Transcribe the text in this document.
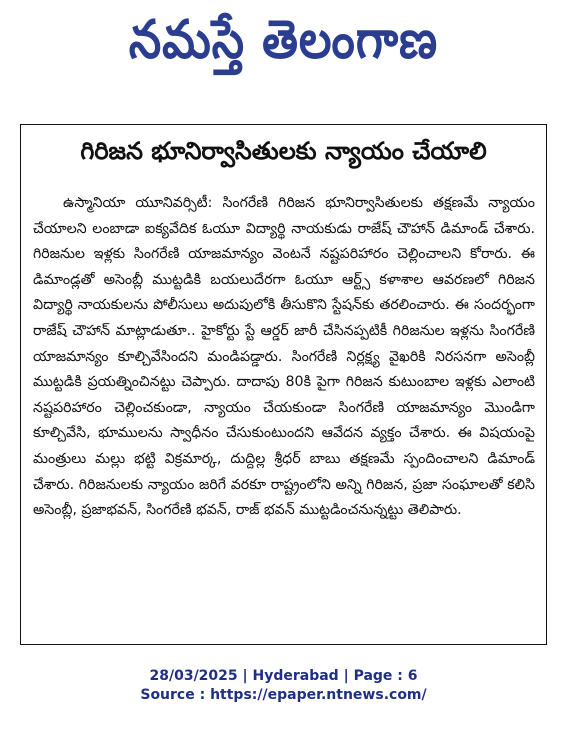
నమస్తే తెలంగాణ
గిరిజన భూనిర్వాసితులకు న్యాయం చేయాలి

ఉస్మానియా యూనివర్సిటీ: సింగరేణి గిరిజన భూనిర్వాసితులకు తక్షణమే న్యాయం చేయాలని లంబాడా ఐక్యవేదిక ఓయూ విద్యార్థి నాయకుడు రాజేష్ చౌహాన్ డిమాండ్ చేశారు. గిరిజనుల ఇళ్లకు సింగరేణి యాజమాన్యం వెంటనే నష్టపరిహారం చెల్లించాలని కోరారు. ఈ డిమాండ్లతో అసెంబ్లీ ముట్టడికి బయలుదేరగా ఓయూ ఆర్ట్స్ కళాశాల ఆవరణలో గిరిజన విద్యార్థి నాయకులను పోలీసులు అదుపులోకి తీసుకొని స్టేషన్‌కు తరలించారు. ఈ సందర్భంగా రాజేష్ చౌహాన్ మాట్లాడుతూ.. హైకోర్టు స్టే ఆర్డర్ జారీ చేసినప్పటికీ గిరిజనుల ఇళ్లను సింగరేణి యాజమాన్యం కూల్చివేసిందని మండిపడ్డారు. సింగరేణి నిర్లక్ష్య వైఖరికి నిరసనగా అసెంబ్లీ ముట్టడికి ప్రయత్నించినట్టు చెప్పారు. దాదాపు 80కి పైగా గిరిజన కుటుంబాల ఇళ్లకు ఎలాంటి నష్టపరిహారం చెల్లించకుండా, న్యాయం చేయకుండా సింగరేణి యాజమాన్యం మొండిగా కూల్చివేసి, భూములను స్వాధీనం చేసుకుంటుందని ఆవేదన వ్యక్తం చేశారు. ఈ విషయంపై మంత్రులు మల్లు భట్టి విక్రమార్క, దుద్దిల్ల శ్రీధర్ బాబు తక్షణమే స్పందించాలని డిమాండ్ చేశారు. గిరిజనులకు న్యాయం జరిగే వరకూ రాష్ట్రంలోని అన్ని గిరిజన, ప్రజా సంఘాలతో కలిసి అసెంబ్లీ, ప్రజాభవన్, సింగరేణి భవన్, రాజ్ భవన్ ముట్టడించనున్నట్టు తెలిపారు.

28/03/2025 | Hyderabad | Page : 6
Source : https://epaper.ntnews.com/
